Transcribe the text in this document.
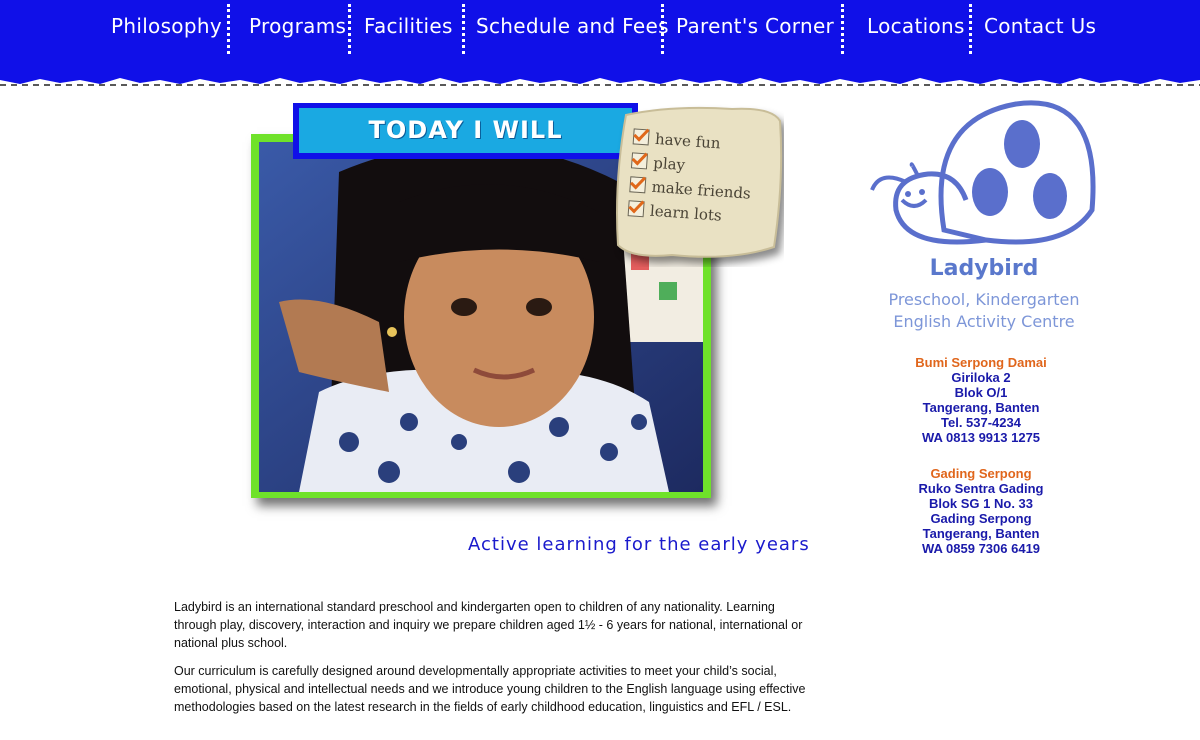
Philosophy Programs Facilities Schedule and Fees Parent's Corner Locations Contact Us
TODAY I WILL	have fun
play
make friends
learn lots
Active learning for the early years
Ladybird
Preschool, Kindergarten
English Activity Centre
Bumi Serpong Damai
Giriloka 2
Blok O/1
Tangerang, Banten
Tel. 537-4234
WA 0813 9913 1275
Gading Serpong
Ruko Sentra Gading
Blok SG 1 No. 33
Gading Serpong
Tangerang, Banten
WA 0859 7306 6419

Ladybird is an international standard preschool and kindergarten open to children of any nationality. Learning through play, discovery, interaction and inquiry we prepare children aged 1½ - 6 years for national, international or national plus school.

Our curriculum is carefully designed around developmentally appropriate activities to meet your child’s social, emotional, physical and intellectual needs and we introduce young children to the English language using effective methodologies based on the latest research in the fields of early childhood education, linguistics and EFL / ESL.
